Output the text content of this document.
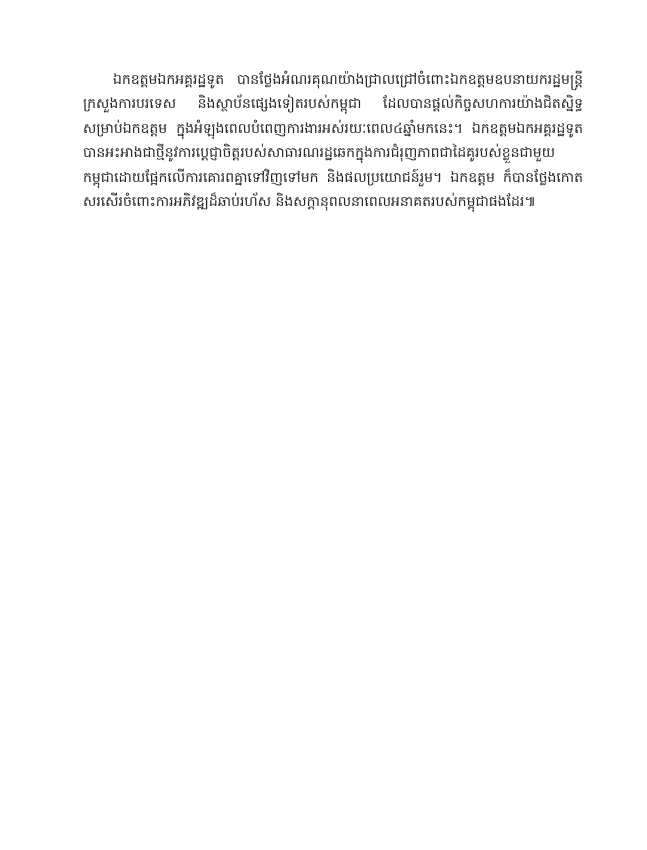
ឯកឧត្ដមឯកអគ្គរដ្ឋទូត បានថ្លែងអំណរគុណយ៉ាងជ្រាលជ្រៅចំពោះឯកឧត្ដមឧបនាយករដ្ឋមន្ត្រី ក្រសួងការបរទេស និងស្ថាប័នផ្សេងទៀតរបស់កម្ពុជា ដែលបានផ្ដល់កិច្ចសហការយ៉ាងជិតស្និទ្ធសម្រាប់ឯកឧត្ដម ក្នុងអំឡុងពេលបំពេញការងារអស់រយៈពេល៤ឆ្នាំមកនេះ។ ឯកឧត្ដមឯកអគ្គរដ្ឋទូត បានអះអាងជាថ្មីនូវការប្ដេជ្ញាចិត្តរបស់សាធារណរដ្ឋឆេកក្នុងការជំរុញភាពជាដៃគូរបស់ខ្លួនជាមួយកម្ពុជាដោយផ្អែកលើការគោរពគ្នាទៅវិញទៅមក និងផលប្រយោជន៍រួម។ ឯកឧត្ដម ក៏បានថ្លែងកោតសរសើរចំពោះការអភិវឌ្ឍដ៏ឆាប់រហ័ស និងសក្ដានុពលនាពេលអនាគតរបស់កម្ពុជាផងដែរ៕
